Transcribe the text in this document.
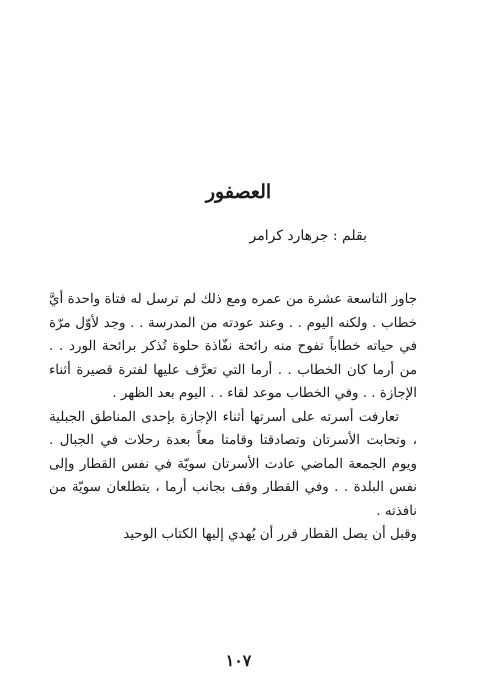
العصفور
بقلم : جرهارد كرامر

جاوز التاسعة عشرة من عمره ومع ذلك لم ترسل له فتاة واحدة أيَّ خطاب . ولكنه اليوم . . وعند عودته من المدرسة . . وجد لأوّل مرّة في حياته خطاباً تفوح منه رائحة نفّاذة حلوة تُذكر برائحة الورد . . من أرما كان الخطاب . . أرما التي تعرَّف عليها لفترة قصيرة أثناء الإجازة . . وفي الخطاب موعد لقاء . . اليوم بعد الظهر .

تعارفت أسرته على أسرتها أثناء الإجازة بإحدى المناطق الجبلية ، وتحابت الأسرتان وتصادقتا وقامتا معاً بعدة رحلات في الجبال . ويوم الجمعة الماضي عادت الأسرتان سويّة في نفس القطار وإلى نفس البلدة . . وفي القطار وقف بجانب أرما ، يتطلعان سويّة من نافذته .

وقبل أن يصل القطار قرر أن يُهدي إليها الكتاب الوحيد

١٠٧
